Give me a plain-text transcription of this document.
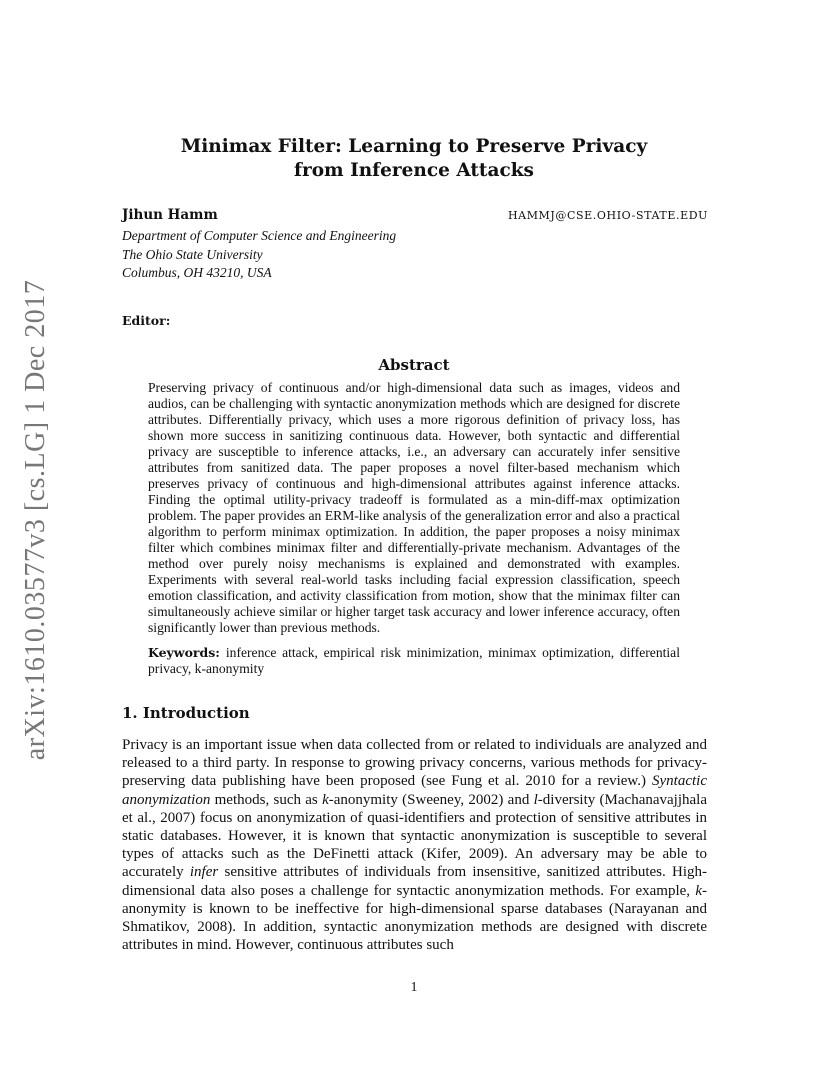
arXiv:1610.03577v3 [cs.LG] 1 Dec 2017
Minimax Filter: Learning to Preserve Privacy
from Inference Attacks
Jihun Hamm	HAMMJ@CSE.OHIO-STATE.EDU
Department of Computer Science and Engineering
The Ohio State University
Columbus, OH 43210, USA
Editor:
Abstract
Preserving privacy of continuous and/or high-dimensional data such as images, videos and audios, can be challenging with syntactic anonymization methods which are designed for discrete attributes. Differentially privacy, which uses a more rigorous definition of privacy loss, has shown more success in sanitizing continuous data. However, both syntactic and differential privacy are susceptible to inference attacks, i.e., an adversary can accurately infer sensitive attributes from sanitized data. The paper proposes a novel filter-based mechanism which preserves privacy of continuous and high-dimensional attributes against inference attacks. Finding the optimal utility-privacy tradeoff is formulated as a min-diff-max optimization problem. The paper provides an ERM-like analysis of the generalization error and also a practical algorithm to perform minimax optimization. In addition, the paper proposes a noisy minimax filter which combines minimax filter and differentially-private mechanism. Advantages of the method over purely noisy mechanisms is explained and demonstrated with examples. Experiments with several real-world tasks including facial expression classification, speech emotion classification, and activity classification from motion, show that the minimax filter can simultaneously achieve similar or higher target task accuracy and lower inference accuracy, often significantly lower than previous methods.
Keywords: inference attack, empirical risk minimization, minimax optimization, differential privacy, k-anonymity
1. Introduction
Privacy is an important issue when data collected from or related to individuals are analyzed and released to a third party. In response to growing privacy concerns, various methods for privacy-preserving data publishing have been proposed (see Fung et al. 2010 for a review.) Syntactic anonymization methods, such as k-anonymity (Sweeney, 2002) and l-diversity (Machanavajjhala et al., 2007) focus on anonymization of quasi-identifiers and protection of sensitive attributes in static databases. However, it is known that syntactic anonymization is susceptible to several types of attacks such as the DeFinetti attack (Kifer, 2009). An adversary may be able to accurately infer sensitive attributes of individuals from insensitive, sanitized attributes. High-dimensional data also poses a challenge for syntactic anonymization methods. For example, k-anonymity is known to be ineffective for high-dimensional sparse databases (Narayanan and Shmatikov, 2008). In addition, syntactic anonymization methods are designed with discrete attributes in mind. However, continuous attributes such
1
